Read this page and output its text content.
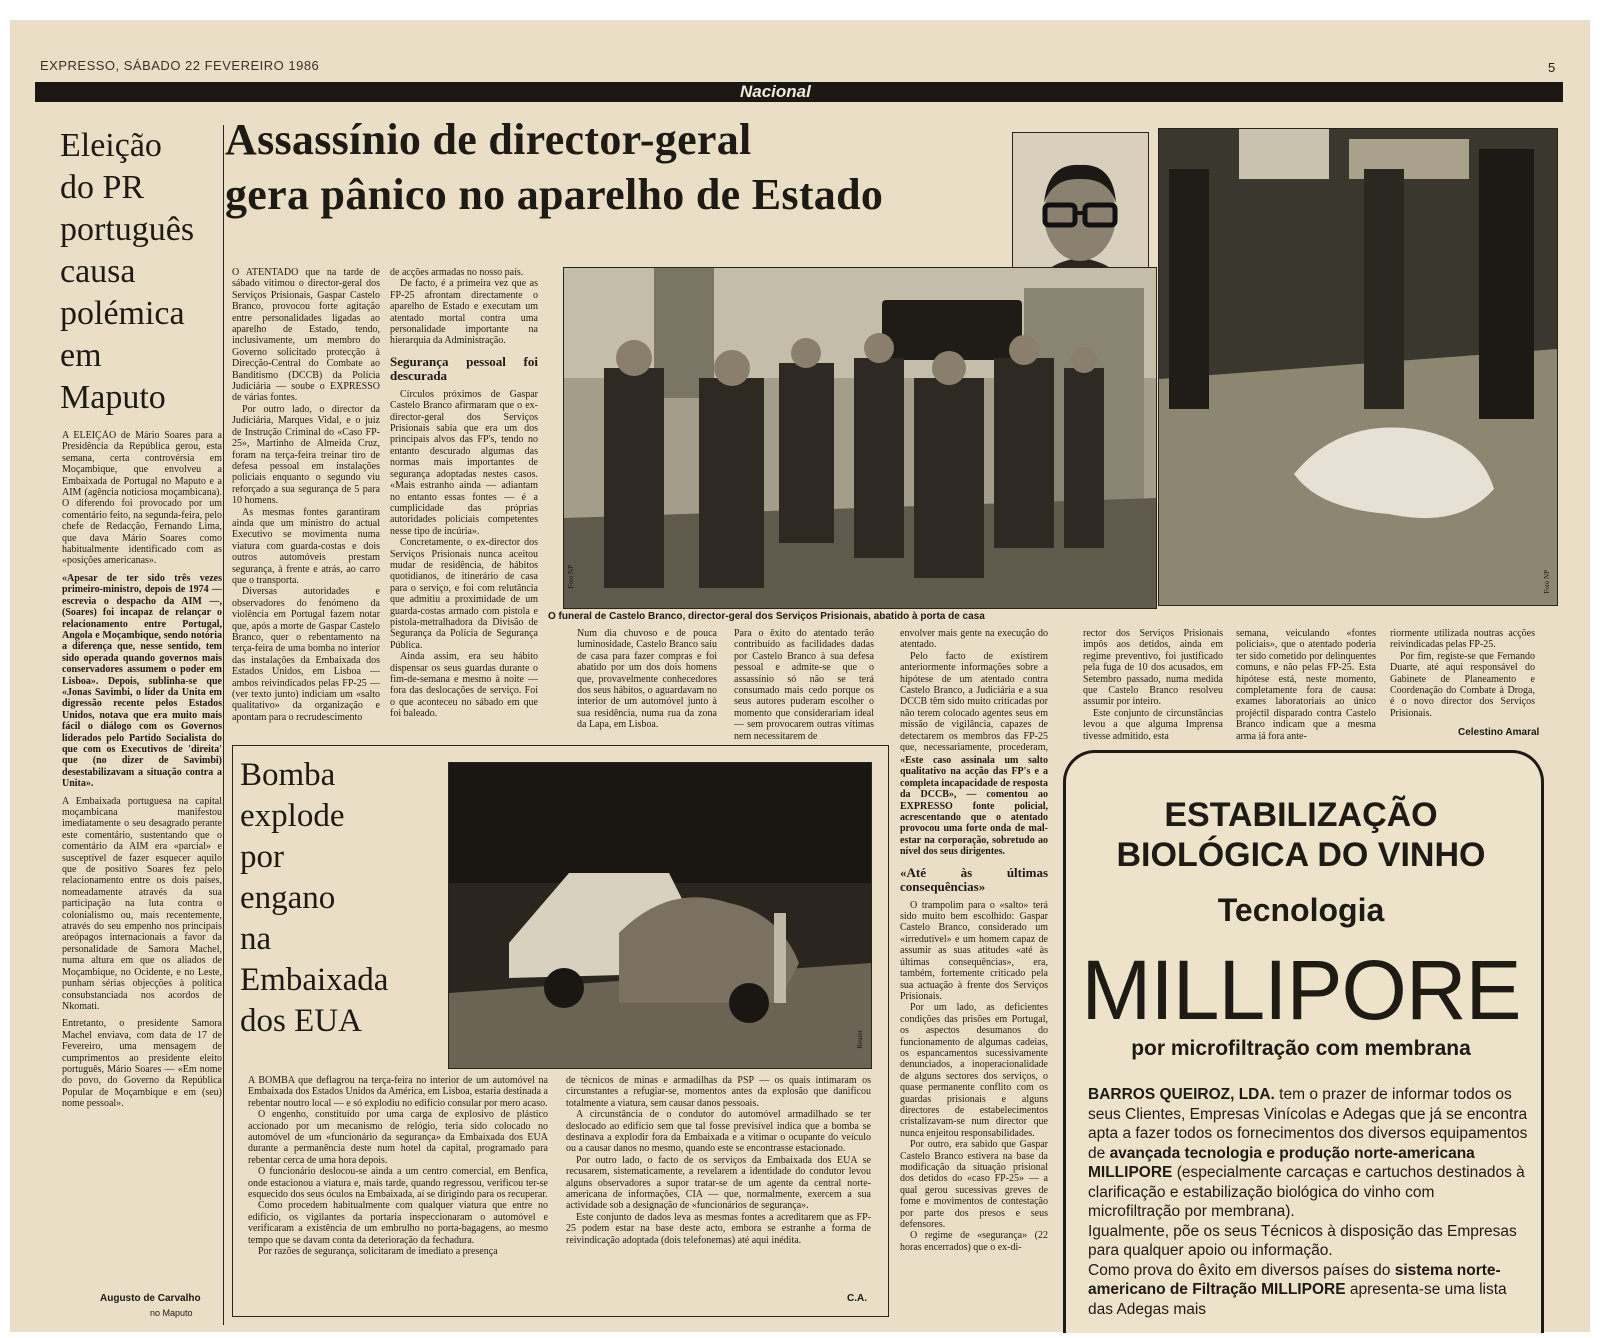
EXPRESSO, SÁBADO 22 FEVEREIRO 1986	5
Nacional
Eleição
do PR
português
causa
polémica
em
Maputo

A ELEIÇÃO de Mário Soares para a Presidência da República gerou, esta semana, certa controvérsia em Moçambique, que envolveu a Embaixada de Portugal no Maputo e a AIM (agência noticiosa moçambicana). O diferendo foi provocado por um comentário feito, na segunda-feira, pelo chefe de Redacção, Fernando Lima, que dava Mário Soares como habitualmente identificado com as «posições americanas».

«Apesar de ter sido três vezes primeiro-ministro, depois de 1974 — escrevia o despacho da AIM —, (Soares) foi incapaz de relançar o relacionamento entre Portugal, Angola e Moçambique, sendo notória a diferença que, nesse sentido, tem sido operada quando governos mais conservadores assumem o poder em Lisboa». Depois, sublinha-se que «Jonas Savimbi, o líder da Unita em digressão recente pelos Estados Unidos, notava que era muito mais fácil o diálogo com os Governos liderados pelo Partido Socialista do que com os Executivos de 'direita' que (no dizer de Savimbi) desestabilizavam a situação contra a Unita».

A Embaixada portuguesa na capital moçambicana manifestou imediatamente o seu desagrado perante este comentário, sustentando que o comentário da AIM era «parcial» e susceptível de fazer esquecer aquilo que de positivo Soares fez pelo relacionamento entre os dois países, nomeadamente através da sua participação na luta contra o colonialismo ou, mais recentemente, através do seu empenho nos principais areópagos internacionais a favor da personalidade de Samora Machel, numa altura em que os aliados de Moçambique, no Ocidente, e no Leste, punham sérias objecções à política consubstanciada nos acordos de Nkomati.

Entretanto, o presidente Samora Machel enviava, com data de 17 de Fevereiro, uma mensagem de cumprimentos ao presidente eleito português, Mário Soares — «Em nome do povo, do Governo da República Popular de Moçambique e em (seu) nome pessoal».

Augusto de Carvalho
no Maputo
Assassínio de director-geral
gera pânico no aparelho de Estado
Foto NP

O ATENTADO que na tarde de sábado vitimou o director-geral dos Serviços Prisionais, Gaspar Castelo Branco, provocou forte agitação entre personalidades ligadas ao aparelho de Estado, tendo, inclusivamente, um membro do Governo solicitado protecção à Direcção-Central do Combate ao Banditismo (DCCB) da Polícia Judiciária — soube o EXPRESSO de várias fontes.

Por outro lado, o director da Judiciária, Marques Vidal, e o juiz de Instrução Criminal do «Caso FP-25», Martinho de Almeida Cruz, foram na terça-feira treinar tiro de defesa pessoal em instalações policiais enquanto o segundo viu reforçado a sua segurança de 5 para 10 homens.

As mesmas fontes garantiram ainda que um ministro do actual Executivo se movimenta numa viatura com guarda-costas e dois outros automóveis prestam segurança, à frente e atrás, ao carro que o transporta.

Diversas autoridades e observadores do fenómeno da violência em Portugal fazem notar que, após a morte de Gaspar Castelo Branco, quer o rebentamento na terça-feira de uma bomba no interior das instalações da Embaixada dos Estados Unidos, em Lisboa — ambos reivindicados pelas FP-25 — (ver texto junto) indiciam um «salto qualitativo» da organização e apontam para o recrudescimento

de acções armadas no nosso país.

De facto, é a primeira vez que as FP-25 afrontam directamente o aparelho de Estado e executam um atentado mortal contra uma personalidade importante na hierarquia da Administração.

Segurança pessoal foi descurada

Círculos próximos de Gaspar Castelo Branco afirmaram que o ex-director-geral dos Serviços Prisionais sabia que era um dos principais alvos das FP's, tendo no entanto descurado algumas das normas mais importantes de segurança adoptadas nestes casos. «Mais estranho ainda — adiantam no entanto essas fontes — é a cumplicidade das próprias autoridades policiais competentes nesse tipo de incúria».

Concretamente, o ex-director dos Serviços Prisionais nunca aceitou mudar de residência, de hábitos quotidianos, de itinerário de casa para o serviço, e foi com relutância que admitiu a proximidade de um guarda-costas armado com pistola e pistola-metralhadora da Divisão de Segurança da Polícia de Segurança Pública.

Ainda assim, era seu hábito dispensar os seus guardas durante o fim-de-semana e mesmo à noite — fora das deslocações de serviço. Foi o que aconteceu no sábado em que foi baleado.

Foto NP
O funeral de Castelo Branco, director-geral dos Serviços Prisionais, abatido à porta de casa

Num dia chuvoso e de pouca luminosidade, Castelo Branco saiu de casa para fazer compras e foi abatido por um dos dois homens que, provavelmente conhecedores dos seus hábitos, o aguardavam no interior de um automóvel junto à sua residência, numa rua da zona da Lapa, em Lisboa.

Para o êxito do atentado terão contribuído as facilidades dadas por Castelo Branco à sua defesa pessoal e admite-se que o assassínio só não se terá consumado mais cedo porque os seus autores puderam escolher o momento que considerariam ideal — sem provocarem outras vítimas nem necessitarem de

envolver mais gente na execução do atentado.

Pelo facto de existirem anteriormente informações sobre a hipótese de um atentado contra Castelo Branco, a Judiciária e a sua DCCB têm sido muito criticadas por não terem colocado agentes seus em missão de vigilância, capazes de detectarem os membros das FP-25 que, necessariamente, procederam,

rector dos Serviços Prisionais impôs aos detidos, ainda em regime preventivo, foi justificado pela fuga de 10 dos acusados, em Setembro passado, numa medida que Castelo Branco resolveu assumir por inteiro.

Este conjunto de circunstâncias levou a que alguma Imprensa tivesse admitido, esta

semana, veiculando «fontes policiais», que o atentado poderia ter sido cometido por delinquentes comuns, e não pelas FP-25. Esta hipótese está, neste momento, completamente fora de causa: exames laboratoriais ao único projéctil disparado contra Castelo Branco indicam que a mesma arma já fora ante-

riormente utilizada noutras acções reivindicadas pelas FP-25.

Por fim, registe-se que Fernando Duarte, até aqui responsável do Gabinete de Planeamento e Coordenação do Combate à Droga, é o novo director dos Serviços Prisionais.

Celestino Amaral

«Este caso assinala um salto qualitativo na acção das FP's e a completa incapacidade de resposta da DCCB», — comentou ao EXPRESSO fonte policial, acrescentando que o atentado provocou uma forte onda de mal-estar na corporação, sobretudo ao nível dos seus dirigentes.

«Até às últimas consequências»

O trampolim para o «salto» terá sido muito bem escolhido: Gaspar Castelo Branco, considerado um «irredutível» e um homem capaz de assumir as suas atitudes «até às últimas consequências», era, também, fortemente criticado pela sua actuação à frente dos Serviços Prisionais.

Por um lado, as deficientes condições das prisões em Portugal, os aspectos desumanos do funcionamento de algumas cadeias, os espancamentos sucessivamente denunciados, a inoperacionalidade de alguns sectores dos serviços, o quase permanente conflito com os guardas prisionais e alguns directores de estabelecimentos cristalizavam-se num director que nunca enjeitou responsabilidades.

Por outro, era sabido que Gaspar Castelo Branco estivera na base da modificação da situação prisional dos detidos do «caso FP-25» — a qual gerou sucessivas greves de fome e movimentos de contestação por parte dos presos e seus defensores.

O regime de «segurança» (22 horas encerrados) que o ex-di-

Bomba
explode
por
engano
na
Embaixada
dos EUA
Reuter

A BOMBA que deflagrou na terça-feira no interior de um automóvel na Embaixada dos Estados Unidos da América, em Lisboa, estaria destinada a rebentar noutro local — e só explodiu no edifício consular por mero acaso.

O engenho, constituído por uma carga de explosivo de plástico accionado por um mecanismo de relógio, teria sido colocado no automóvel de um «funcionário da segurança» da Embaixada dos EUA durante a permanência deste num hotel da capital, programado para rebentar cerca de uma hora depois.

O funcionário deslocou-se ainda a um centro comercial, em Benfica, onde estacionou a viatura e, mais tarde, quando regressou, verificou ter-se esquecido dos seus óculos na Embaixada, aí se dirigindo para os recuperar.

Como procedem habitualmente com qualquer viatura que entre no edifício, os vigilantes da portaria inspeccionaram o automóvel e verificaram a existência de um embrulho no porta-bagagens, ao mesmo tempo que se davam conta da deterioração da fechadura.

Por razões de segurança, solicitaram de imediato a presença

de técnicos de minas e armadilhas da PSP — os quais intimaram os circunstantes a refugiar-se, momentos antes da explosão que danificou totalmente a viatura, sem causar danos pessoais.

A circunstância de o condutor do automóvel armadilhado se ter deslocado ao edifício sem que tal fosse previsível indica que a bomba se destinava a explodir fora da Embaixada e a vitimar o ocupante do veículo ou a causar danos no mesmo, quando este se encontrasse estacionado.

Por outro lado, o facto de os serviços da Embaixada dos EUA se recusarem, sistematicamente, a revelarem a identidade do condutor levou alguns observadores a supor tratar-se de um agente da central norte-americana de informações, CIA — que, normalmente, exercem a sua actividade sob a designação de «funcionários de segurança».

Este conjunto de dados leva as mesmas fontes a acreditarem que as FP-25 podem estar na base deste acto, embora se estranhe a forma de reivindicação adoptada (dois telefonemas) até aqui inédita.

C.A.
ESTABILIZAÇÃO
BIOLÓGICA DO VINHO
Tecnologia
MILLIPORE
por microfiltração com membrana
BARROS QUEIROZ, LDA. tem o prazer de informar todos os seus Clientes, Empresas Vinícolas e Adegas que já se encontra apta a fazer todos os fornecimentos dos diversos equipamentos de avançada tecnologia e produção norte-americana MILLIPORE (especialmente carcaças e cartuchos destinados à clarificação e estabilização biológica do vinho com microfiltração por membrana).
Igualmente, põe os seus Técnicos à disposição das Empresas para qualquer apoio ou informação.
Como prova do êxito em diversos países do sistema norte-americano de Filtração MILLIPORE apresenta-se uma lista das Adegas mais
